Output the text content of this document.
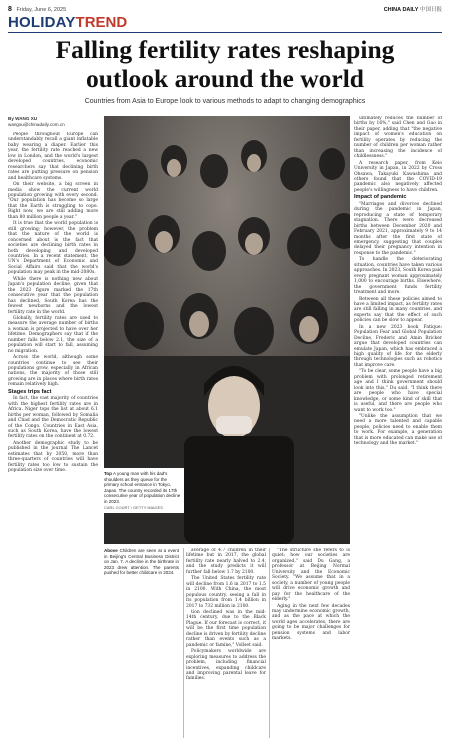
8 Friday, June 6, 2025	CHINA DAILY 中国日报
HOLIDAYTREND
Falling fertility rates reshaping
outlook around the world
Countries from Asia to Europe look to various methods to adapt to changing demographics
By WANG XU
wangxu@chinadaily.com.cn

People throughout Europe can understandably recall a giant inflatable baby wearing a diaper. Earlier this year, the fertility rate reached a new low in London, and the world's largest developed countries, economic researchers say that declining birth rates are putting pressure on pension and healthcare systems.

On their website, a big screen in media show the current world population growing with every second. "Our population has become so large that the Earth is struggling to cope. Right now, we are still adding more than 80 million people a year."

It is true that the world population is still growing; however, the problem that the nature of the world is concerned about is the fact that societies are declining birth rates in both developing and developed countries. In a recent statement, the UN's Department of Economic and Social Affairs said that the world's population may peak in the mid-2080s.

While there is nothing new about Japan's population decline, given that the 2023 figure marked the 17th consecutive year that the population has declined, South Korea has the fewest newborns and the lowest fertility rate in the world.

Globally, fertility rates are used to measure the average number of births a woman is projected to have over her lifetime. Demographers say that if the number falls below 2.1, the size of a population will start to fall, assuming no migration.

Across the world, although some countries continue to see their populations grow, especially in African nations, the majority of those still growing are in places where birth rates remain relatively high.

Stages trips fact

In fact, the vast majority of countries with the highest fertility rates are in Africa. Niger tops the list at about 6.1 births per woman, followed by Somalia and Chad and the Democratic Republic of the Congo. Countries in East Asia, such as South Korea, have the lowest fertility rates on the continent at 0.72.

Another demographic study to be published in the journal The Lancet estimates that by 2050, more than three-quarters of countries will have fertility rates too low to sustain the population size over time.

Top A young man with his dad's shoulders as they queue for the primary school entrance in Tokyo, Japan. The country recorded its 17th consecutive year of population decline in 2023.
CARL COURT / GETTY IMAGES
Above Children are seen at a event in Beijing's Central Business District on Jan. 7. A decline in the birthrate in 2023 drew attention. The parents pushed for better childcare in 2024.

average of 4.7 children in their lifetime but in 2017, the global fertility rate nearly halved to 2.4, and the study predicts it will further fall below 1.7 by 2100.

The United States fertility rate will decline from 1.6 in 2017 to 1.5 in 2100. With China, the most populous country, seeing a fall in its population from 1.4 billion in 2017 to 732 million in 2100.

tion declined was in the mid-14th century, due to the Black Plague. If our forecast is correct, it will be the first time population decline is driven by fertility decline rather than events such as a pandemic or famine," Vollset said.

Policymakers worldwide are exploring measures to address the problem, including financial incentives, expanding childcare and improving parental leave for families.

"The structure she refers to is quiet: how our societies are organized," said Du Gang, a professor at Beijing Normal University and the Economic Society. "We assume that in a society, a number of young people will drive economic growth and pay for the healthcare of the elderly."

Aging in the next few decades may undermine economic growth, and as the pace at which the world ages accelerates, there are going to be major challenges for pension systems and labor markets.

ultimately reduces the number of births by 16%," said Chen and Gao in their paper, adding that "the negative impact of women's education on fertility operates by reducing the number of children per woman rather than increasing the incidence of childlessness."

A research paper, from Keio University in Japan, in 2022 by Cross Ohsawa, Takayuki Kawashima and others found that the COVID-19 pandemic also negatively affected people's willingness to have children.

Impact of pandemic

"Marriages and divorces declined during the pandemic in Japan, reproducing a state of temporary stagnation. There were decreased births between December 2020 and February 2021, approximately 9 to 14 months after the first state of emergency, suggesting that couples delayed their pregnancy intention in response to the pandemic."

To handle the deteriorating situation, countries have taken various approaches. In 2023, South Korea paid every pregnant woman approximately 1,000 to encourage births. Elsewhere, the government funds fertility treatment and more.

Between all these policies aimed to have a limited impact, as fertility rates are still falling in many countries, and experts say that the effect of such policies can be slow to appear.

In a new 2023 book Fatique: Population Fear and Global Population Decline, Frederic and Amin Bricker argue that developed countries can emulate Japan, which has embraced a high quality of life for the elderly through technologies such as robotics that improve care.

"To be clear, some people have a big problem with prolonged retirement age and I think government should look into this," Du said. "I think there are people who have special knowledge, or some kind of skill that is useful, and there are people who want to work too."

"Unlike the assumption that we need a more talented and capable people, policies need to enable them to work. For example, a generation that is more educated can make use of technology and the market."
